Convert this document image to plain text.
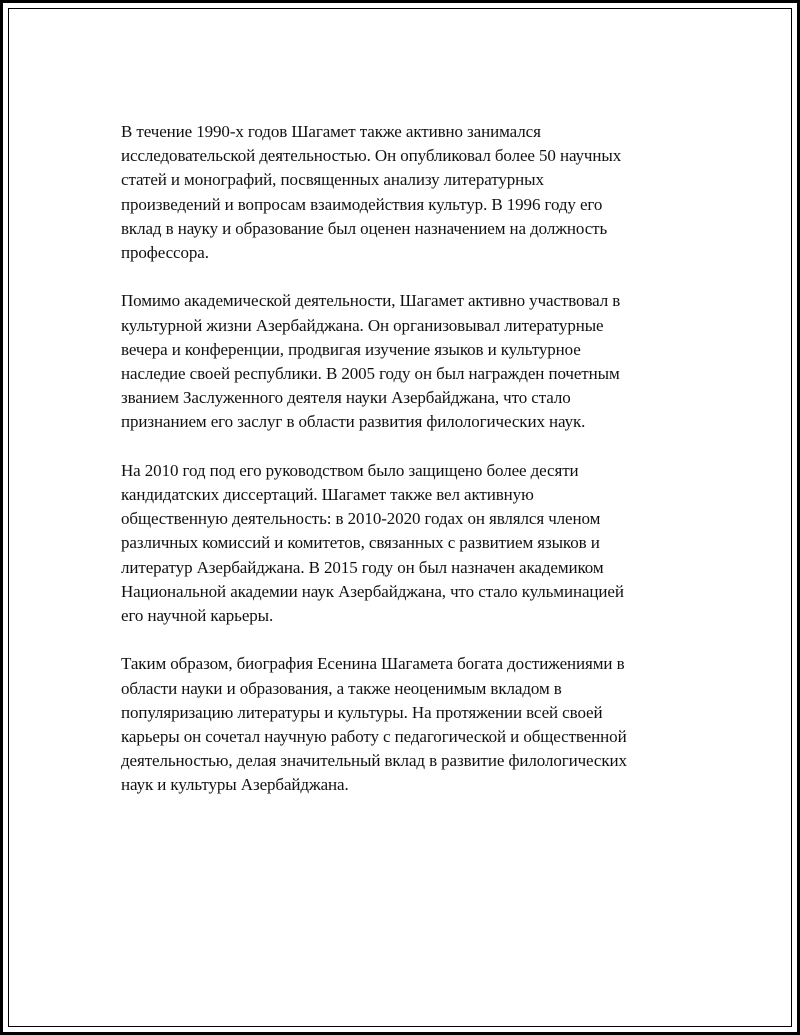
В течение 1990-х годов Шагамет также активно занимался
исследовательской деятельностью. Он опубликовал более 50 научных
статей и монографий, посвященных анализу литературных
произведений и вопросам взаимодействия культур. В 1996 году его
вклад в науку и образование был оценен назначением на должность
профессора.

Помимо академической деятельности, Шагамет активно участвовал в
культурной жизни Азербайджана. Он организовывал литературные
вечера и конференции, продвигая изучение языков и культурное
наследие своей республики. В 2005 году он был награжден почетным
званием Заслуженного деятеля науки Азербайджана, что стало
признанием его заслуг в области развития филологических наук.

На 2010 год под его руководством было защищено более десяти
кандидатских диссертаций. Шагамет также вел активную
общественную деятельность: в 2010-2020 годах он являлся членом
различных комиссий и комитетов, связанных с развитием языков и
литератур Азербайджана. В 2015 году он был назначен академиком
Национальной академии наук Азербайджана, что стало кульминацией
его научной карьеры.

Таким образом, биография Есенина Шагамета богата достижениями в
области науки и образования, а также неоценимым вкладом в
популяризацию литературы и культуры. На протяжении всей своей
карьеры он сочетал научную работу с педагогической и общественной
деятельностью, делая значительный вклад в развитие филологических
наук и культуры Азербайджана.
